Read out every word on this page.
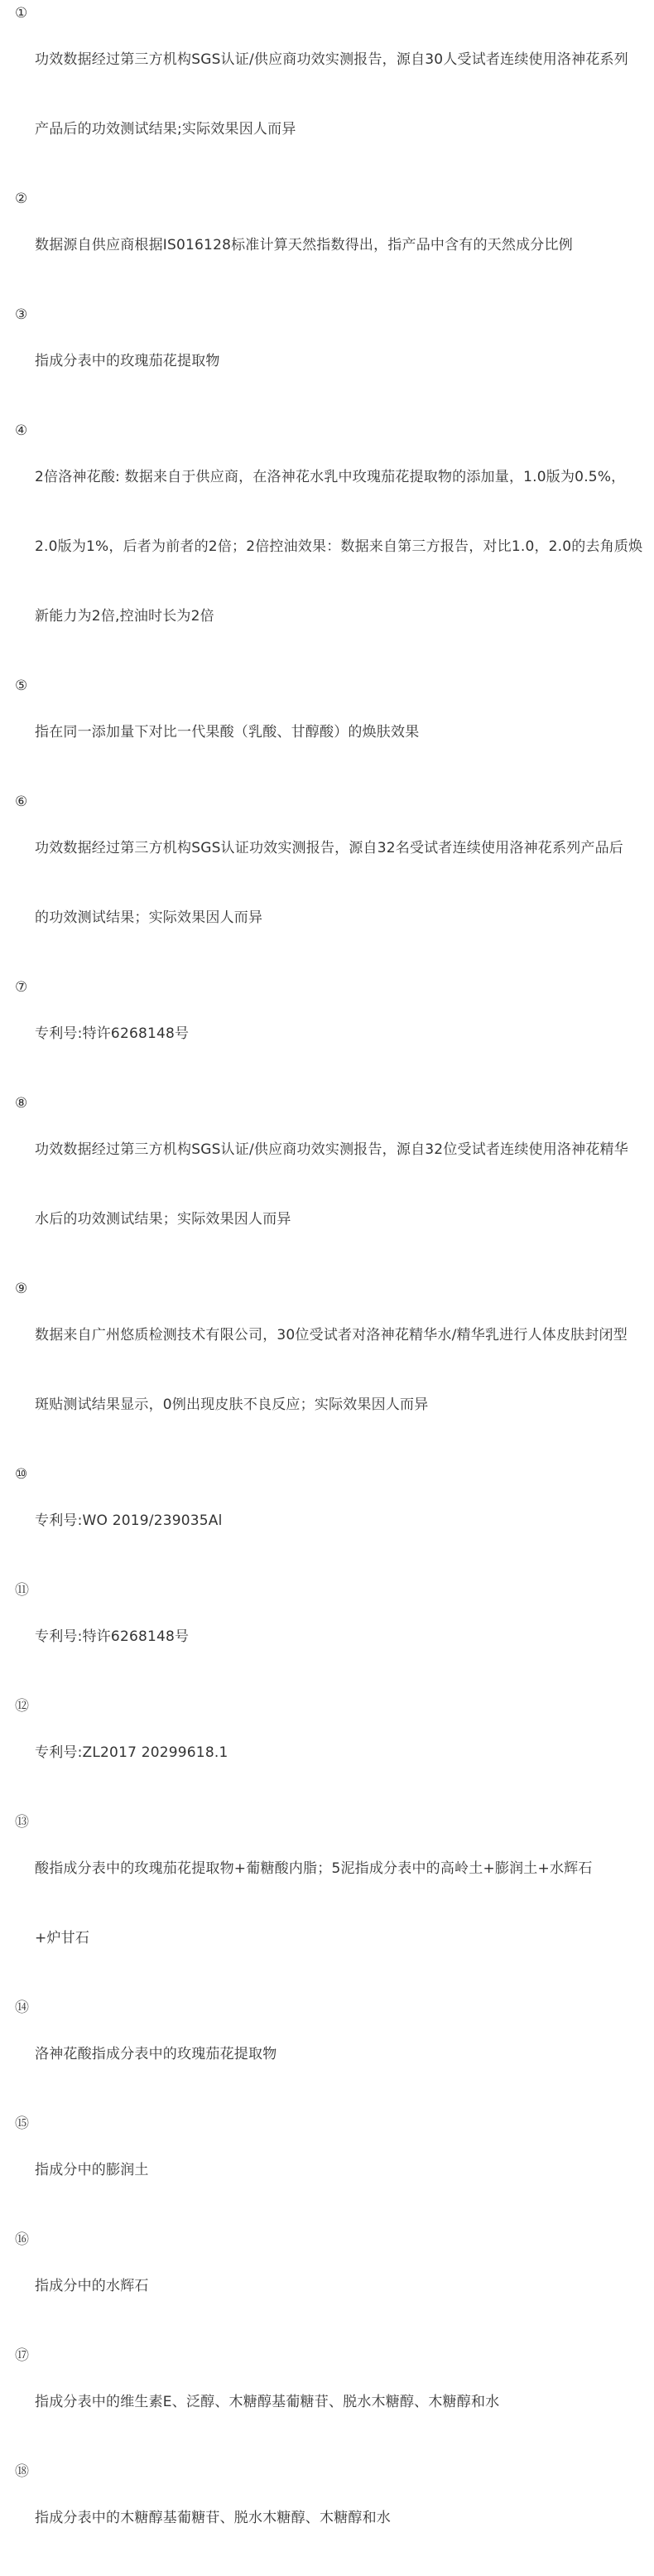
①

功效数据经过第三方机构SGS认证/供应商功效实测报告，源自30人受试者连续使用洛神花系列

产品后的功效测试结果;实际效果因人而异

②

数据源自供应商根据IS016128标准计算天然指数得出，指产品中含有的天然成分比例

③

指成分表中的玫瑰茄花提取物

④

2倍洛神花酸: 数据来自于供应商，在洛神花水乳中玫瑰茄花提取物的添加量，1.0版为0.5%，

2.0版为1%，后者为前者的2倍；2倍控油效果：数据来自第三方报告，对比1.0，2.0的去角质焕

新能力为2倍,控油时长为2倍

⑤

指在同一添加量下对比一代果酸（乳酸、甘醇酸）的焕肤效果

⑥

功效数据经过第三方机构SGS认证功效实测报告，源自32名受试者连续使用洛神花系列产品后

的功效测试结果；实际效果因人而异

⑦

专利号:特许6268148号

⑧

功效数据经过第三方机构SGS认证/供应商功效实测报告，源自32位受试者连续使用洛神花精华

水后的功效测试结果；实际效果因人而异

⑨

数据来自广州悠质检测技术有限公司，30位受试者对洛神花精华水/精华乳进行人体皮肤封闭型

斑贴测试结果显示，0例出现皮肤不良反应；实际效果因人而异

⑩

专利号:WO 2019/239035Al

⑪

专利号:特许6268148号

⑫

专利号:ZL2017 20299618.1

⑬

酸指成分表中的玫瑰茄花提取物+葡糖酸内脂；5泥指成分表中的高岭土+膨润土+水辉石

+炉甘石

⑭

洛神花酸指成分表中的玫瑰茄花提取物

⑮

指成分中的膨润土

⑯

指成分中的水辉石

⑰

指成分表中的维生素E、泛醇、木糖醇基葡糖苷、脱水木糖醇、木糖醇和水

⑱

指成分表中的木糖醇基葡糖苷、脱水木糖醇、木糖醇和水
